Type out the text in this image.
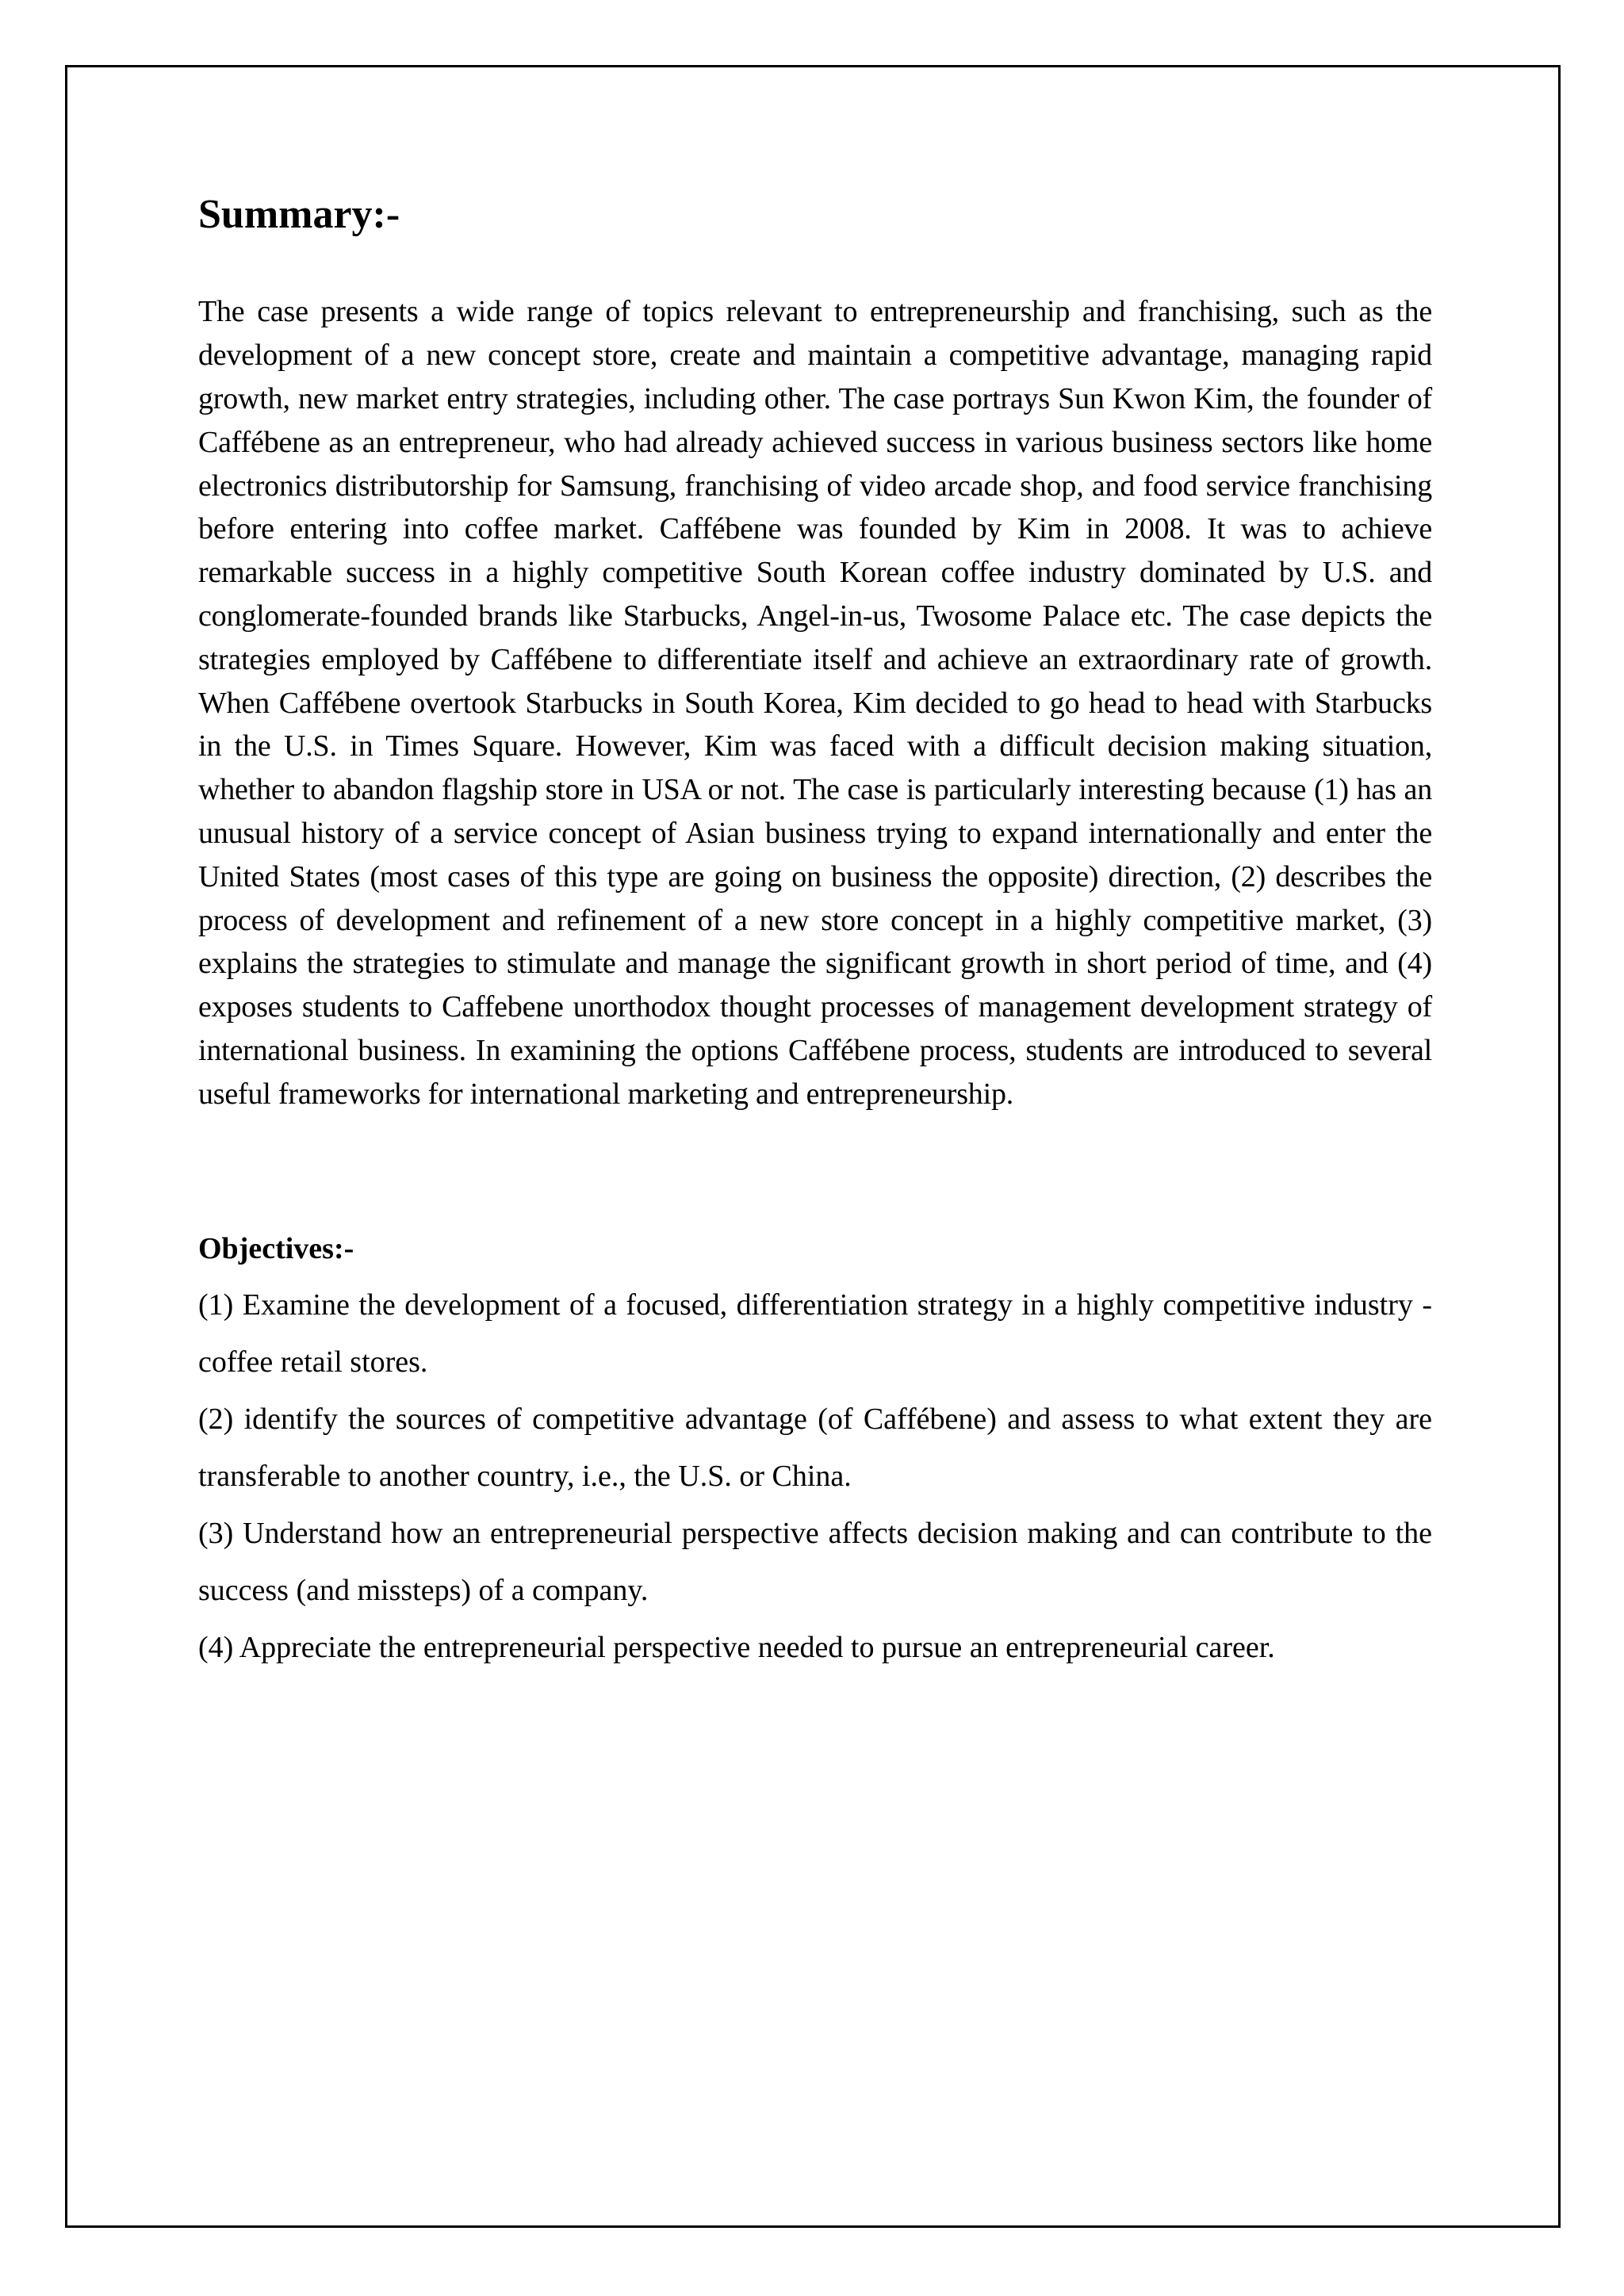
Summary:-

The case presents a wide range of topics relevant to entrepreneurship and franchising, such as the development of a new concept store, create and maintain a competitive advantage, managing rapid growth, new market entry strategies, including other. The case portrays Sun Kwon Kim, the founder of Caffébene as an entrepreneur, who had already achieved success in various business sectors like home electronics distributorship for Samsung, franchising of video arcade shop, and food service franchising before entering into coffee market. Caffébene was founded by Kim in 2008. It was to achieve remarkable success in a highly competitive South Korean coffee industry dominated by U.S. and conglomerate-founded brands like Starbucks, Angel-in-us, Twosome Palace etc. The case depicts the strategies employed by Caffébene to differentiate itself and achieve an extraordinary rate of growth. When Caffébene overtook Starbucks in South Korea, Kim decided to go head to head with Starbucks in the U.S. in Times Square. However, Kim was faced with a difficult decision making situation, whether to abandon flagship store in USA or not. The case is particularly interesting because (1) has an unusual history of a service concept of Asian business trying to expand internationally and enter the United States (most cases of this type are going on business the opposite) direction, (2) describes the process of development and refinement of a new store concept in a highly competitive market, (3) explains the strategies to stimulate and manage the significant growth in short period of time, and (4) exposes students to Caffebene unorthodox thought processes of management development strategy of international business. In examining the options Caffébene process, students are introduced to several useful frameworks for international marketing and entrepreneurship.

Objectives:-

(1) Examine the development of a focused, differentiation strategy in a highly competitive industry - coffee retail stores.

(2) identify the sources of competitive advantage (of Caffébene) and assess to what extent they are transferable to another country, i.e., the U.S. or China.

(3) Understand how an entrepreneurial perspective affects decision making and can contribute to the success (and missteps) of a company.

(4) Appreciate the entrepreneurial perspective needed to pursue an entrepreneurial career.
